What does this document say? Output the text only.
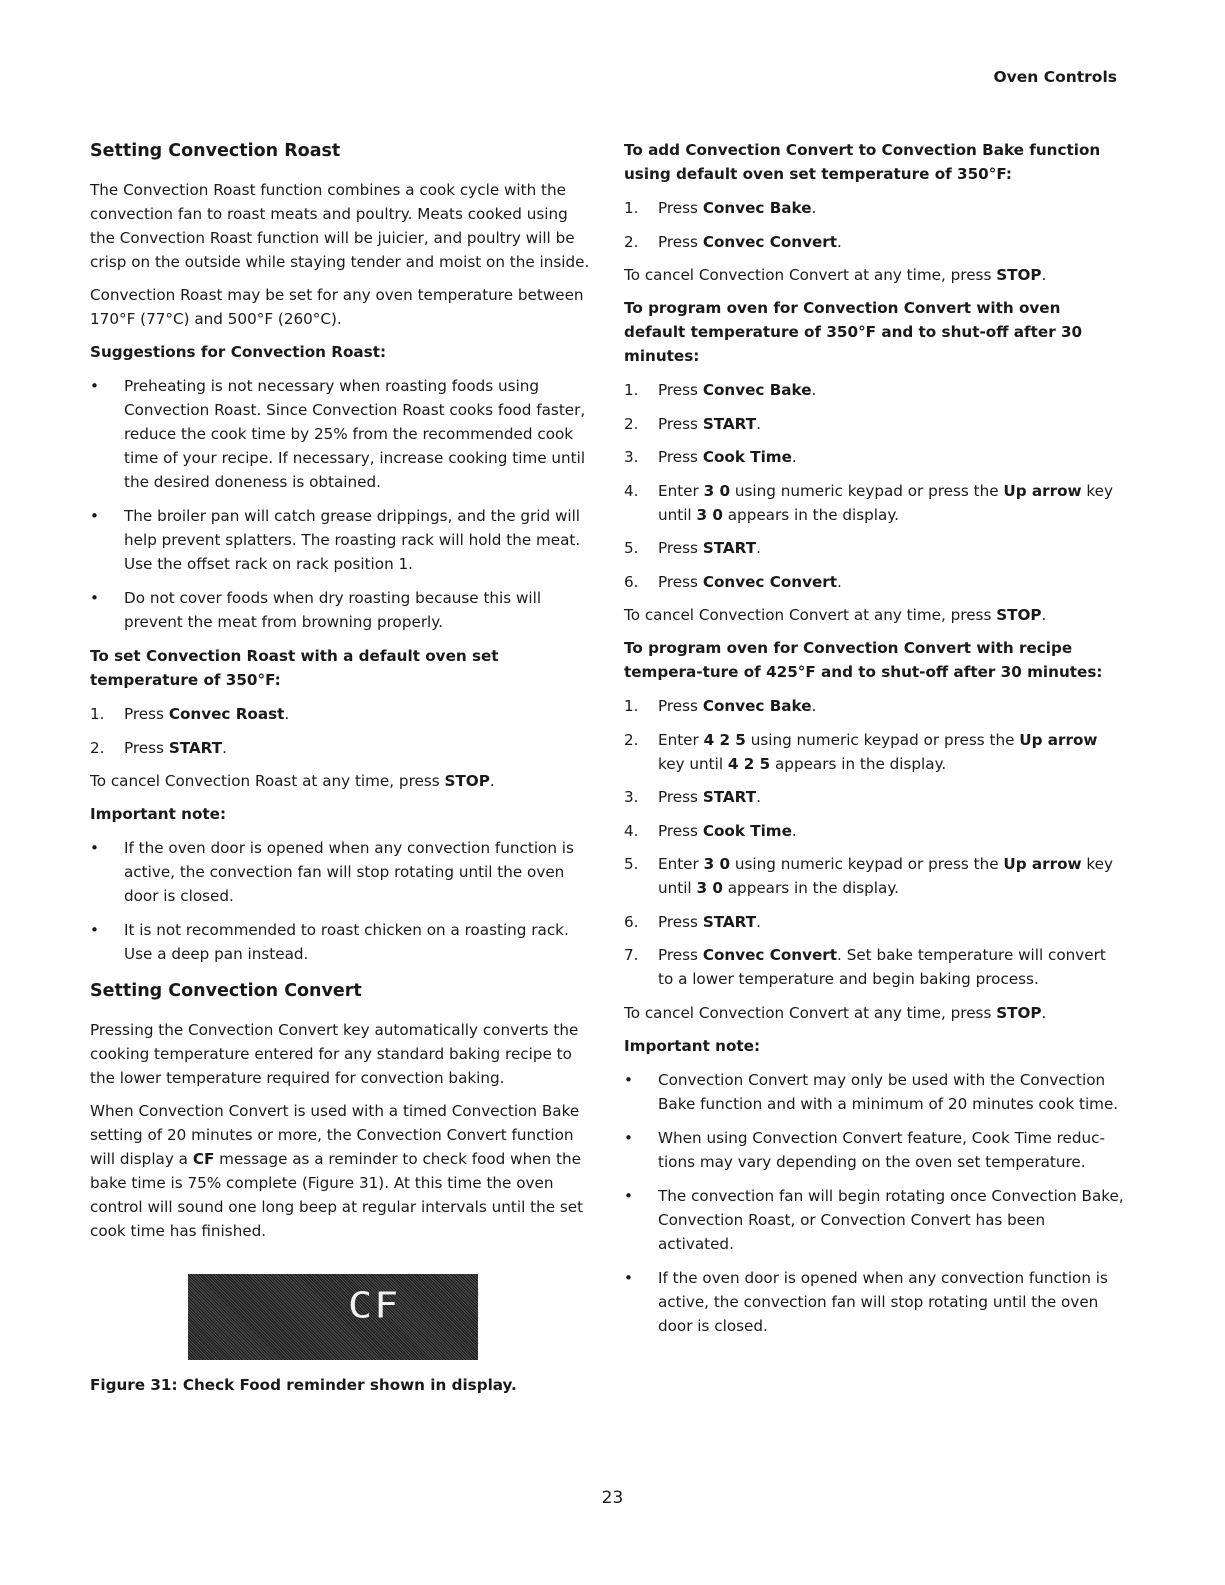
Oven Controls
Setting Convection Roast

The Convection Roast function combines a cook cycle with the convection fan to roast meats and poultry. Meats cooked using the Convection Roast function will be juicier, and poultry will be crisp on the outside while staying tender and moist on the inside.

Convection Roast may be set for any oven temperature between 170°F (77°C) and 500°F (260°C).

Suggestions for Convection Roast:
• Preheating is not necessary when roasting foods using Convection Roast. Since Convection Roast cooks food faster, reduce the cook time by 25% from the recommended cook time of your recipe. If necessary, increase cooking time until the desired doneness is obtained.
• The broiler pan will catch grease drippings, and the grid will help prevent splatters. The roasting rack will hold the meat. Use the offset rack on rack position 1.
• Do not cover foods when dry roasting because this will prevent the meat from browning properly.
To set Convection Roast with a default oven set temperature of 350°F:
1. Press Convec Roast.
2. Press START.

To cancel Convection Roast at any time, press STOP.

Important note:
• If the oven door is opened when any convection function is active, the convection fan will stop rotating until the oven door is closed.
• It is not recommended to roast chicken on a roasting rack. Use a deep pan instead.
Setting Convection Convert

Pressing the Convection Convert key automatically converts the cooking temperature entered for any standard baking recipe to the lower temperature required for convection baking.

When Convection Convert is used with a timed Convection Bake setting of 20 minutes or more, the Convection Convert function will display a CF message as a reminder to check food when the bake time is 75% complete (Figure 31). At this time the oven control will sound one long beep at regular intervals until the set cook time has finished.

CF
Figure 31: Check Food reminder shown in display.
To add Convection Convert to Convection Bake function using default oven set temperature of 350°F:
1. Press Convec Bake.
2. Press Convec Convert.

To cancel Convection Convert at any time, press STOP.

To program oven for Convection Convert with oven default temperature of 350°F and to shut-off after 30 minutes:
1. Press Convec Bake.
2. Press START.
3. Press Cook Time.
4. Enter 3 0 using numeric keypad or press the Up arrow key until 3 0 appears in the display.
5. Press START.
6. Press Convec Convert.

To cancel Convection Convert at any time, press STOP.

To program oven for Convection Convert with recipe tempera-ture of 425°F and to shut-off after 30 minutes:
1. Press Convec Bake.
2. Enter 4 2 5 using numeric keypad or press the Up arrow key until 4 2 5 appears in the display.
3. Press START.
4. Press Cook Time.
5. Enter 3 0 using numeric keypad or press the Up arrow key until 3 0 appears in the display.
6. Press START.
7. Press Convec Convert. Set bake temperature will convert to a lower temperature and begin baking process.

To cancel Convection Convert at any time, press STOP.

Important note:
• Convection Convert may only be used with the Convection Bake function and with a minimum of 20 minutes cook time.
• When using Convection Convert feature, Cook Time reduc-tions may vary depending on the oven set temperature.
• The convection fan will begin rotating once Convection Bake, Convection Roast, or Convection Convert has been activated.
• If the oven door is opened when any convection function is active, the convection fan will stop rotating until the oven door is closed.
23
